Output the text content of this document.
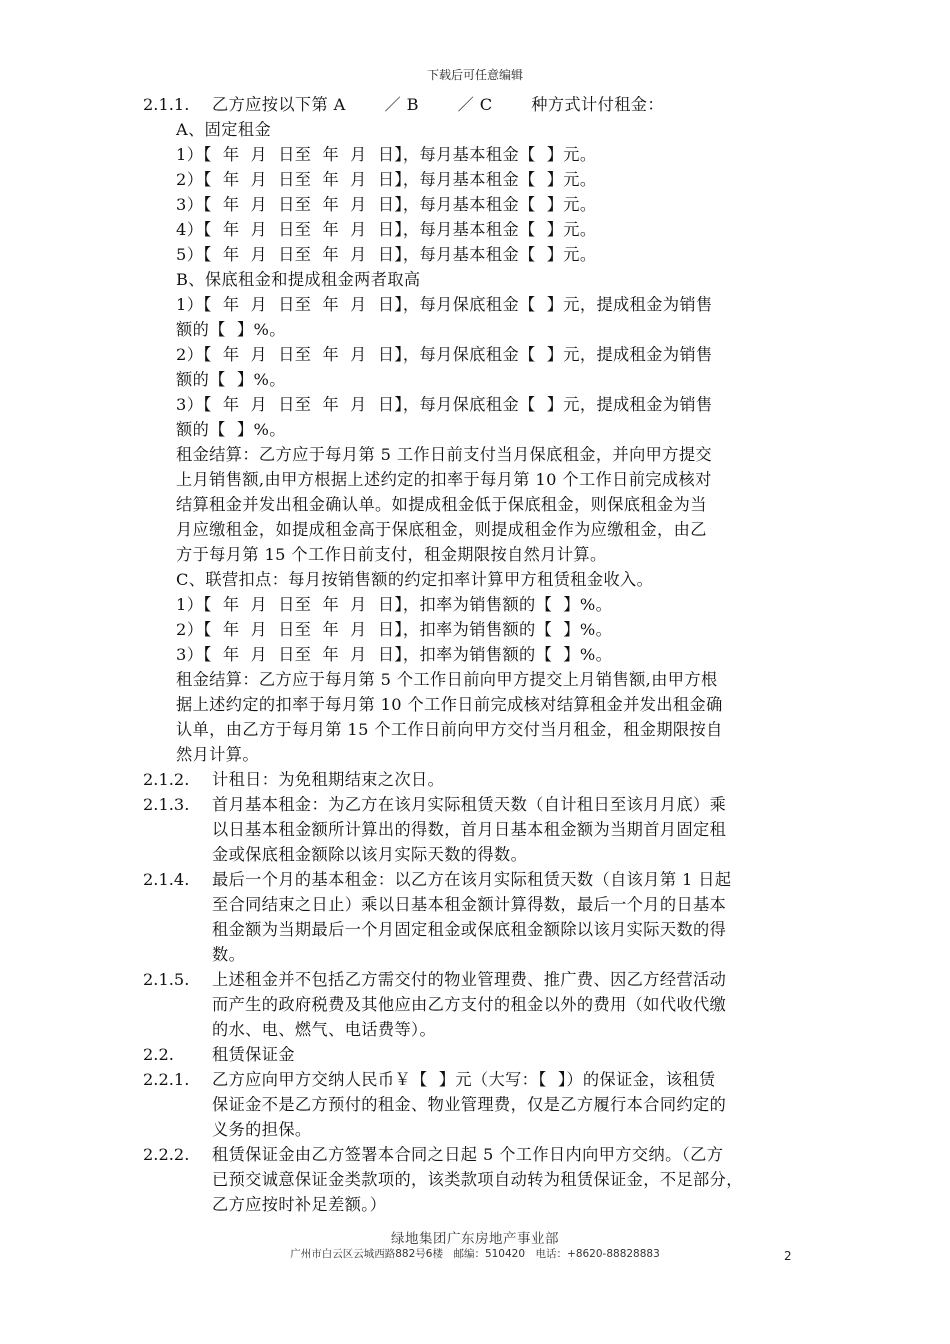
下载后可任意编辑
2.1.1. 乙方应按以下第 A　　 ／ B　　 ／ C　　 种方式计付租金：
A、固定租金
1）【  年  月  日至  年  月  日】，每月基本租金【  】元。
2）【  年  月  日至  年  月  日】，每月基本租金【  】元。
3）【  年  月  日至  年  月  日】，每月基本租金【  】元。
4）【  年  月  日至  年  月  日】，每月基本租金【  】元。
5）【  年  月  日至  年  月  日】，每月基本租金【  】元。
B、保底租金和提成租金两者取高
1）【  年  月  日至  年  月  日】，每月保底租金【  】元，提成租金为销售
额的【  】%。
2）【  年  月  日至  年  月  日】，每月保底租金【  】元，提成租金为销售
额的【  】%。
3）【  年  月  日至  年  月  日】，每月保底租金【  】元，提成租金为销售
额的【  】%。
租金结算：乙方应于每月第 5 工作日前支付当月保底租金，并向甲方提交
上月销售额,由甲方根据上述约定的扣率于每月第 10 个工作日前完成核对
结算租金并发出租金确认单。如提成租金低于保底租金，则保底租金为当
月应缴租金，如提成租金高于保底租金，则提成租金作为应缴租金，由乙
方于每月第 15 个工作日前支付，租金期限按自然月计算。
C、联营扣点：每月按销售额的约定扣率计算甲方租赁租金收入。
1）【  年  月  日至  年  月  日】，扣率为销售额的【  】%。
2）【  年  月  日至  年  月  日】，扣率为销售额的【  】%。
3）【  年  月  日至  年  月  日】，扣率为销售额的【  】%。
租金结算：乙方应于每月第 5 个工作日前向甲方提交上月销售额,由甲方根
据上述约定的扣率于每月第 10 个工作日前完成核对结算租金并发出租金确
认单，由乙方于每月第 15 个工作日前向甲方交付当月租金，租金期限按自
然月计算。
2.1.2. 计租日：为免租期结束之次日。
2.1.3. 首月基本租金：为乙方在该月实际租赁天数（自计租日至该月月底）乘
以日基本租金额所计算出的得数，首月日基本租金额为当期首月固定租
金或保底租金额除以该月实际天数的得数。
2.1.4. 最后一个月的基本租金：以乙方在该月实际租赁天数（自该月第 1 日起
至合同结束之日止）乘以日基本租金额计算得数，最后一个月的日基本
租金额为当期最后一个月固定租金或保底租金额除以该月实际天数的得
数。
2.1.5. 上述租金并不包括乙方需交付的物业管理费、推广费、因乙方经营活动
而产生的政府税费及其他应由乙方支付的租金以外的费用（如代收代缴
的水、电、燃气、电话费等）。
2.2. 租赁保证金
2.2.1. 乙方应向甲方交纳人民币￥【  】元（大写：【  】）的保证金，该租赁
保证金不是乙方预付的租金、物业管理费，仅是乙方履行本合同约定的
义务的担保。
2.2.2. 租赁保证金由乙方签署本合同之日起 5 个工作日内向甲方交纳。（乙方
已预交诚意保证金类款项的，该类款项自动转为租赁保证金，不足部分，
乙方应按时补足差额。）
绿地集团广东房地产事业部
广州市白云区云城西路882号6楼　邮编：510420　电话：+8620-88828883	2
